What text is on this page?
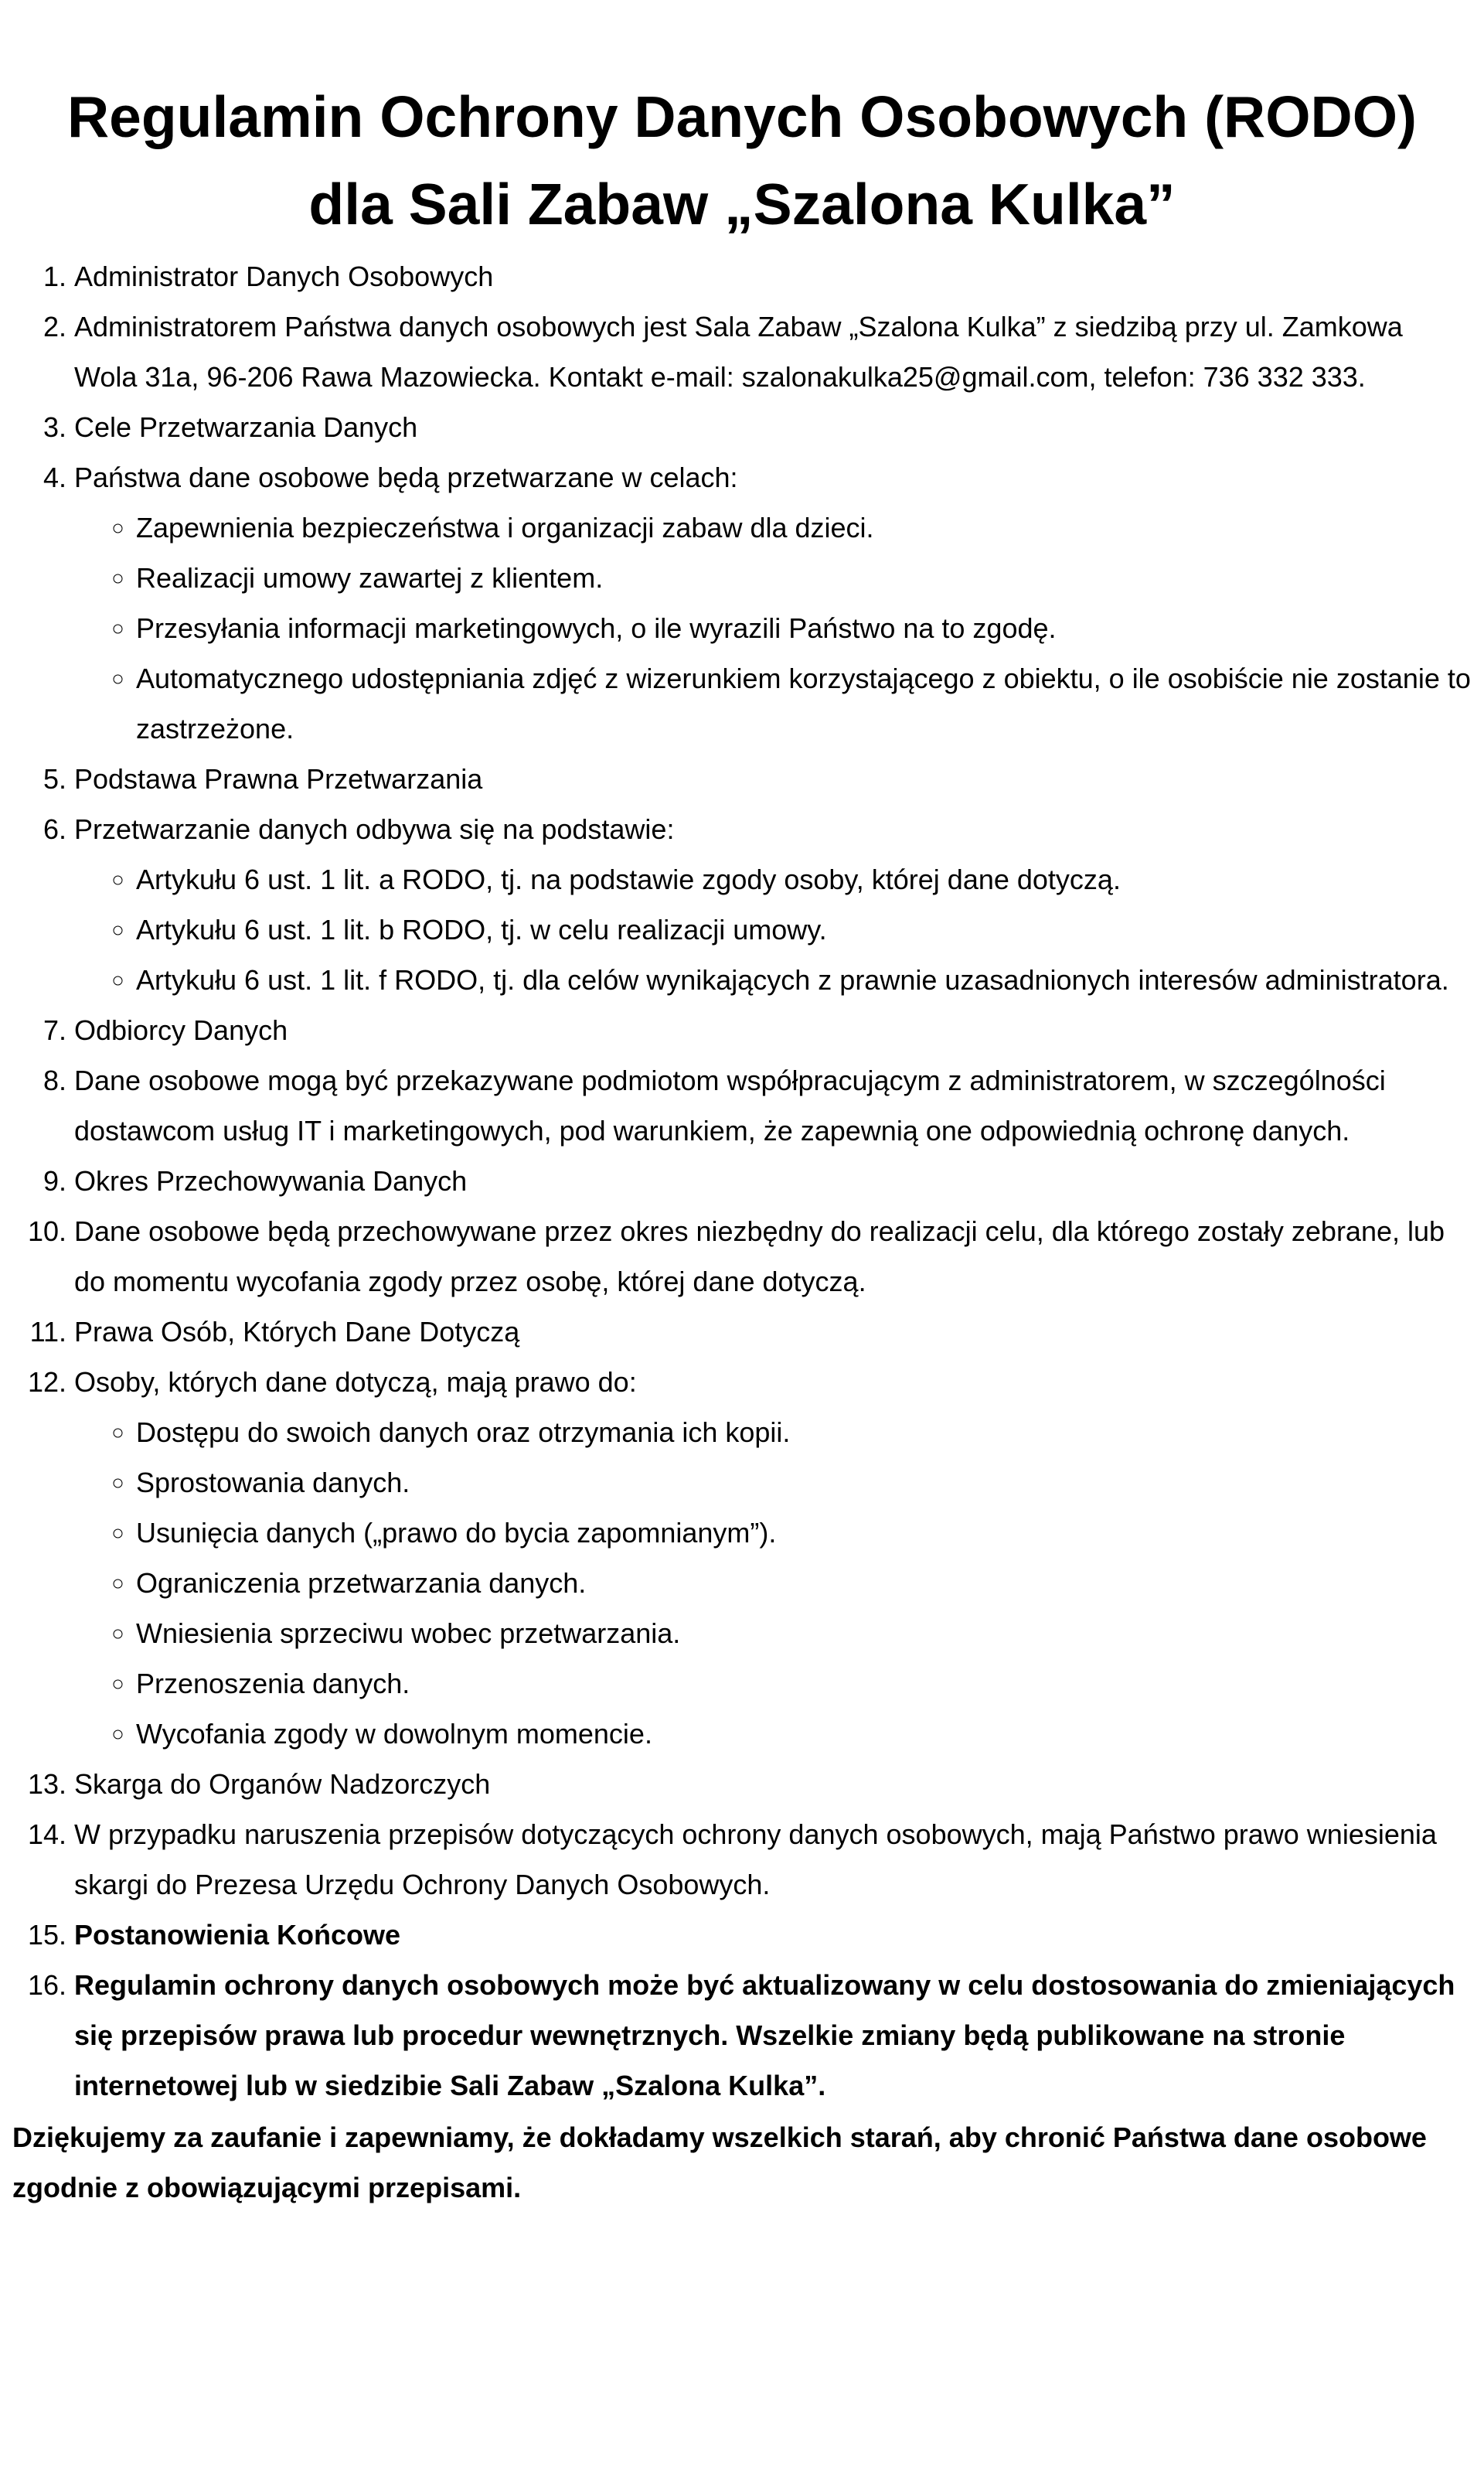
Regulamin Ochrony Danych Osobowych (RODO)
dla Sali Zabaw „Szalona Kulka”
1. Administrator Danych Osobowych
2. Administratorem Państwa danych osobowych jest Sala Zabaw „Szalona Kulka” z siedzibą przy ul. Zamkowa Wola 31a, 96-206 Rawa Mazowiecka. Kontakt e-mail: szalonakulka25@gmail.com, telefon: 736 332 333.
3. Cele Przetwarzania Danych
4. Państwa dane osobowe będą przetwarzane w celach:
◦ Zapewnienia bezpieczeństwa i organizacji zabaw dla dzieci.
◦ Realizacji umowy zawartej z klientem.
◦ Przesyłania informacji marketingowych, o ile wyrazili Państwo na to zgodę.
◦ Automatycznego udostępniania zdjęć z wizerunkiem korzystającego z obiektu, o ile osobiście nie zostanie to zastrzeżone.
5. Podstawa Prawna Przetwarzania
6. Przetwarzanie danych odbywa się na podstawie:
◦ Artykułu 6 ust. 1 lit. a RODO, tj. na podstawie zgody osoby, której dane dotyczą.
◦ Artykułu 6 ust. 1 lit. b RODO, tj. w celu realizacji umowy.
◦ Artykułu 6 ust. 1 lit. f RODO, tj. dla celów wynikających z prawnie uzasadnionych interesów administratora.
7. Odbiorcy Danych
8. Dane osobowe mogą być przekazywane podmiotom współpracującym z administratorem, w szczególności dostawcom usług IT i marketingowych, pod warunkiem, że zapewnią one odpowiednią ochronę danych.
9. Okres Przechowywania Danych
10. Dane osobowe będą przechowywane przez okres niezbędny do realizacji celu, dla którego zostały zebrane, lub do momentu wycofania zgody przez osobę, której dane dotyczą.
11. Prawa Osób, Których Dane Dotyczą
12. Osoby, których dane dotyczą, mają prawo do:
◦ Dostępu do swoich danych oraz otrzymania ich kopii.
◦ Sprostowania danych.
◦ Usunięcia danych („prawo do bycia zapomnianym”).
◦ Ograniczenia przetwarzania danych.
◦ Wniesienia sprzeciwu wobec przetwarzania.
◦ Przenoszenia danych.
◦ Wycofania zgody w dowolnym momencie.
13. Skarga do Organów Nadzorczych
14. W przypadku naruszenia przepisów dotyczących ochrony danych osobowych, mają Państwo prawo wniesienia skargi do Prezesa Urzędu Ochrony Danych Osobowych.
15. Postanowienia Końcowe
16. Regulamin ochrony danych osobowych może być aktualizowany w celu dostosowania do zmieniających się przepisów prawa lub procedur wewnętrznych. Wszelkie zmiany będą publikowane na stronie internetowej lub w siedzibie Sali Zabaw „Szalona Kulka”.

Dziękujemy za zaufanie i zapewniamy, że dokładamy wszelkich starań, aby chronić Państwa dane osobowe zgodnie z obowiązującymi przepisami.
